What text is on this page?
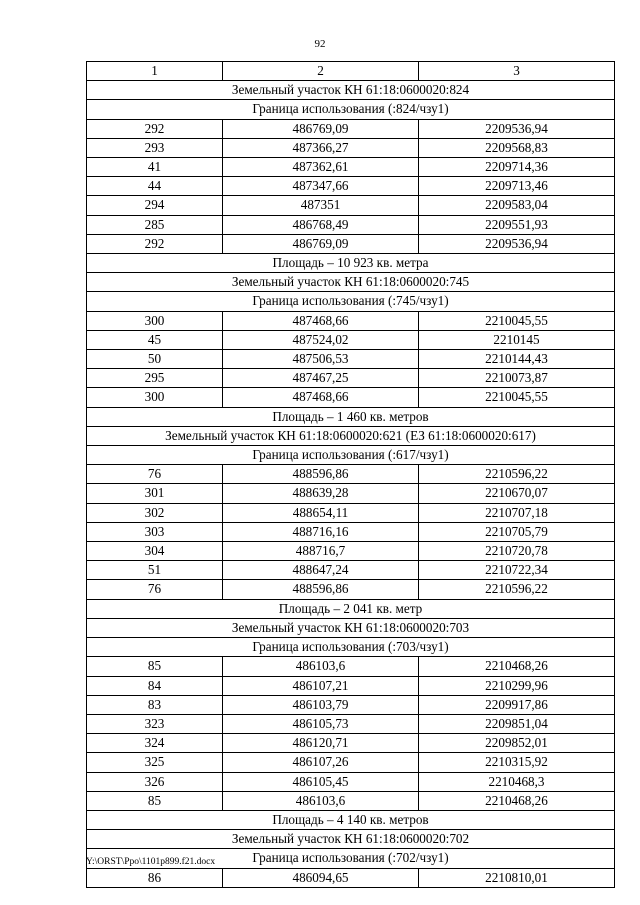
92
1	2	3
Земельный участок КН 61:18:0600020:824		
Граница использования (:824/чзу1)		
292	486769,09	2209536,94
293	487366,27	2209568,83
41	487362,61	2209714,36
44	487347,66	2209713,46
294	487351	2209583,04
285	486768,49	2209551,93
292	486769,09	2209536,94
Площадь – 10 923 кв. метра		
Земельный участок КН 61:18:0600020:745		
Граница использования (:745/чзу1)		
300	487468,66	2210045,55
45	487524,02	2210145
50	487506,53	2210144,43
295	487467,25	2210073,87
300	487468,66	2210045,55
Площадь – 1 460 кв. метров		
Земельный участок КН 61:18:0600020:621 (ЕЗ 61:18:0600020:617)		
Граница использования (:617/чзу1)		
76	488596,86	2210596,22
301	488639,28	2210670,07
302	488654,11	2210707,18
303	488716,16	2210705,79
304	488716,7	2210720,78
51	488647,24	2210722,34
76	488596,86	2210596,22
Площадь – 2 041 кв. метр		
Земельный участок КН 61:18:0600020:703		
Граница использования (:703/чзу1)		
85	486103,6	2210468,26
84	486107,21	2210299,96
83	486103,79	2209917,86
323	486105,73	2209851,04
324	486120,71	2209852,01
325	486107,26	2210315,92
326	486105,45	2210468,3
85	486103,6	2210468,26
Площадь – 4 140 кв. метров		
Земельный участок КН 61:18:0600020:702		
Граница использования (:702/чзу1)		
86	486094,65	2210810,01
Y:\ORST\Ppo\1101p899.f21.docx
